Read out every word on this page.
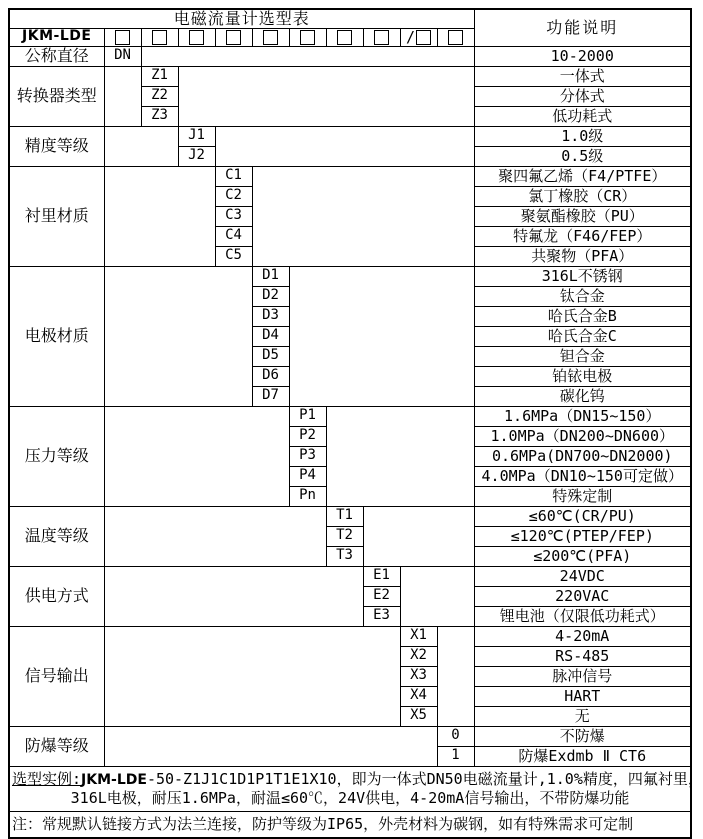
电磁流量计选型表											功能说明
JKM-LDE									/		
公称直径	DN										10-2000
转换器类型		Z1									一体式
		Z2									分体式
		Z3									低功耗式
精度等级			J1								1.0级
			J2								0.5级
衬里材质				C1							聚四氟乙烯（F4/PTFE）
				C2							氯丁橡胶（CR）
				C3							聚氨酯橡胶（PU）
				C4							特氟龙（F46/FEP）
				C5							共聚物（PFA）
电极材质					D1						316L不锈钢
					D2						钛合金
					D3						哈氏合金B
					D4						哈氏合金C
					D5						钽合金
					D6						铂铱电极
					D7						碳化钨
压力等级						P1					1.6MPa（DN15~150）
						P2					1.0MPa（DN200~DN600）
						P3					0.6MPa(DN700~DN2000)
						P4					4.0MPa（DN10~150可定做）
						Pn					特殊定制
温度等级							T1				≤60℃(CR/PU)
							T2				≤120℃(PTEP/FEP)
							T3				≤200℃(PFA)
供电方式								E1			24VDC
								E2			220VAC
								E3			锂电池（仅限低功耗式）
信号输出									X1		4-20mA
									X2		RS-485
									X3		脉冲信号
									X4		HART
									X5		无
防爆等级										0	不防爆
										1	防爆Exdmb Ⅱ CT6

选型实例:JKM-LDE-50-Z1J1C1D1P1T1E1X10，即为一体式DN50电磁流量计,1.0%精度，四氟衬里，
316L电极，耐压1.6MPa，耐温≤60℃，24V供电，4-20mA信号输出，不带防爆功能											

注：常规默认链接方式为法兰连接，防护等级为IP65，外壳材料为碳钢，如有特殊需求可定制											
